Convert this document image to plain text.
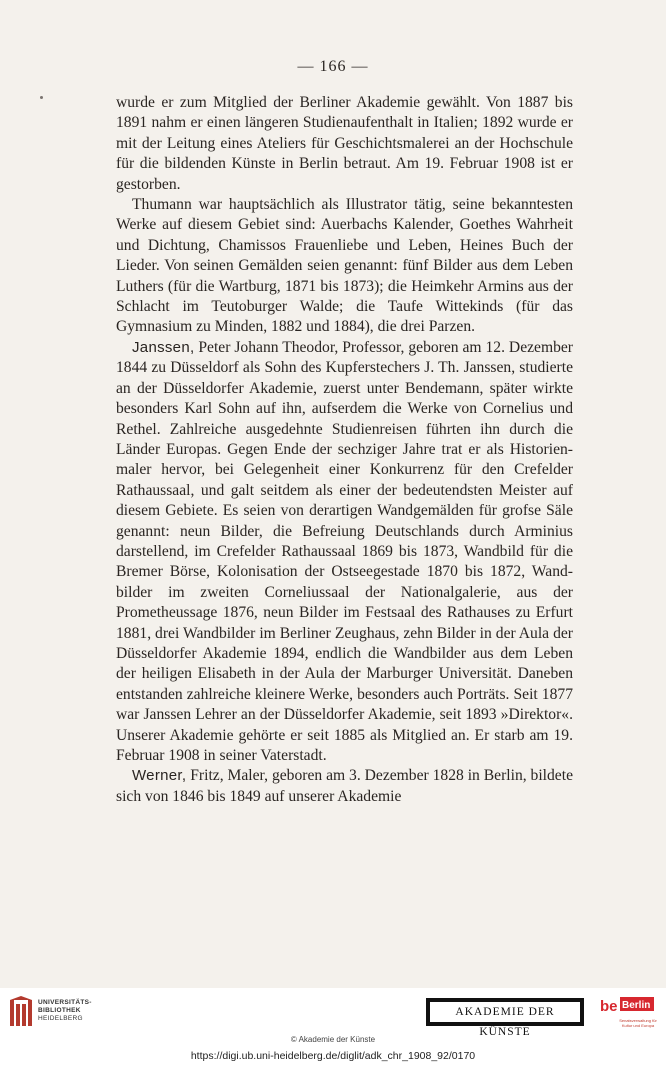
— 166 —

wurde er zum Mitglied der Berliner Akademie gewählt. Von 1887 bis 1891 nahm er einen längeren Studienaufenthalt in Italien; 1892 wurde er mit der Leitung eines Ateliers für Geschichtsmalerei an der Hochschule für die bildenden Künste in Berlin betraut. Am 19. Februar 1908 ist er gestorben.

Thumann war hauptsächlich als Illustrator tätig, seine bekanntesten Werke auf diesem Gebiet sind: Auerbachs Kalender, Goethes Wahrheit und Dichtung, Chamissos Frauenliebe und Leben, Heines Buch der Lieder. Von seinen Gemälden seien genannt: fünf Bilder aus dem Leben Luthers (für die Wartburg, 1871 bis 1873); die Heimkehr Armins aus der Schlacht im Teutoburger Walde; die Taufe Wittekinds (für das Gymnasium zu Minden, 1882 und 1884), die drei Parzen.

Janssen, Peter Johann Theodor, Professor, geboren am 12. Dezember 1844 zu Düsseldorf als Sohn des Kupferstechers J. Th. Janssen, studierte an der Düsseldorfer Akademie, zuerst unter Bendemann, später wirkte besonders Karl Sohn auf ihn, aufserdem die Werke von Cornelius und Rethel. Zahlreiche ausgedehnte Studienreisen führten ihn durch die Länder Europas. Gegen Ende der sechziger Jahre trat er als Historienmaler hervor, bei Gelegenheit einer Konkurrenz für den Crefelder Rathaussaal, und galt seitdem als einer der bedeutendsten Meister auf diesem Gebiete. Es seien von derartigen Wandgemälden für grofse Säle genannt: neun Bilder, die Befreiung Deutschlands durch Arminius darstellend, im Crefelder Rathaussaal 1869 bis 1873, Wandbild für die Bremer Börse, Kolonisation der Ostseegestade 1870 bis 1872, Wandbilder im zweiten Corneliussaal der Nationalgalerie, aus der Prometheussage 1876, neun Bilder im Festsaal des Rathauses zu Erfurt 1881, drei Wandbilder im Berliner Zeughaus, zehn Bilder in der Aula der Düsseldorfer Akademie 1894, endlich die Wandbilder aus dem Leben der heiligen Elisabeth in der Aula der Marburger Universität. Daneben entstanden zahlreiche kleinere Werke, besonders auch Porträts. Seit 1877 war Janssen Lehrer an der Düsseldorfer Akademie, seit 1893 »Direktor«. Unserer Akademie gehörte er seit 1885 als Mitglied an. Er starb am 19. Februar 1908 in seiner Vaterstadt.

Werner, Fritz, Maler, geboren am 3. Dezember 1828 in Berlin, bildete sich von 1846 bis 1849 auf unserer Akademie

UNIVERSITÄTS-
BIBLIOTHEK
HEIDELBERG
AKADEMIE DER KÜNSTE
be Berlin
Senatsverwaltung für Kultur und Europa
© Akademie der Künste
https://digi.ub.uni-heidelberg.de/diglit/adk_chr_1908_92/0170
